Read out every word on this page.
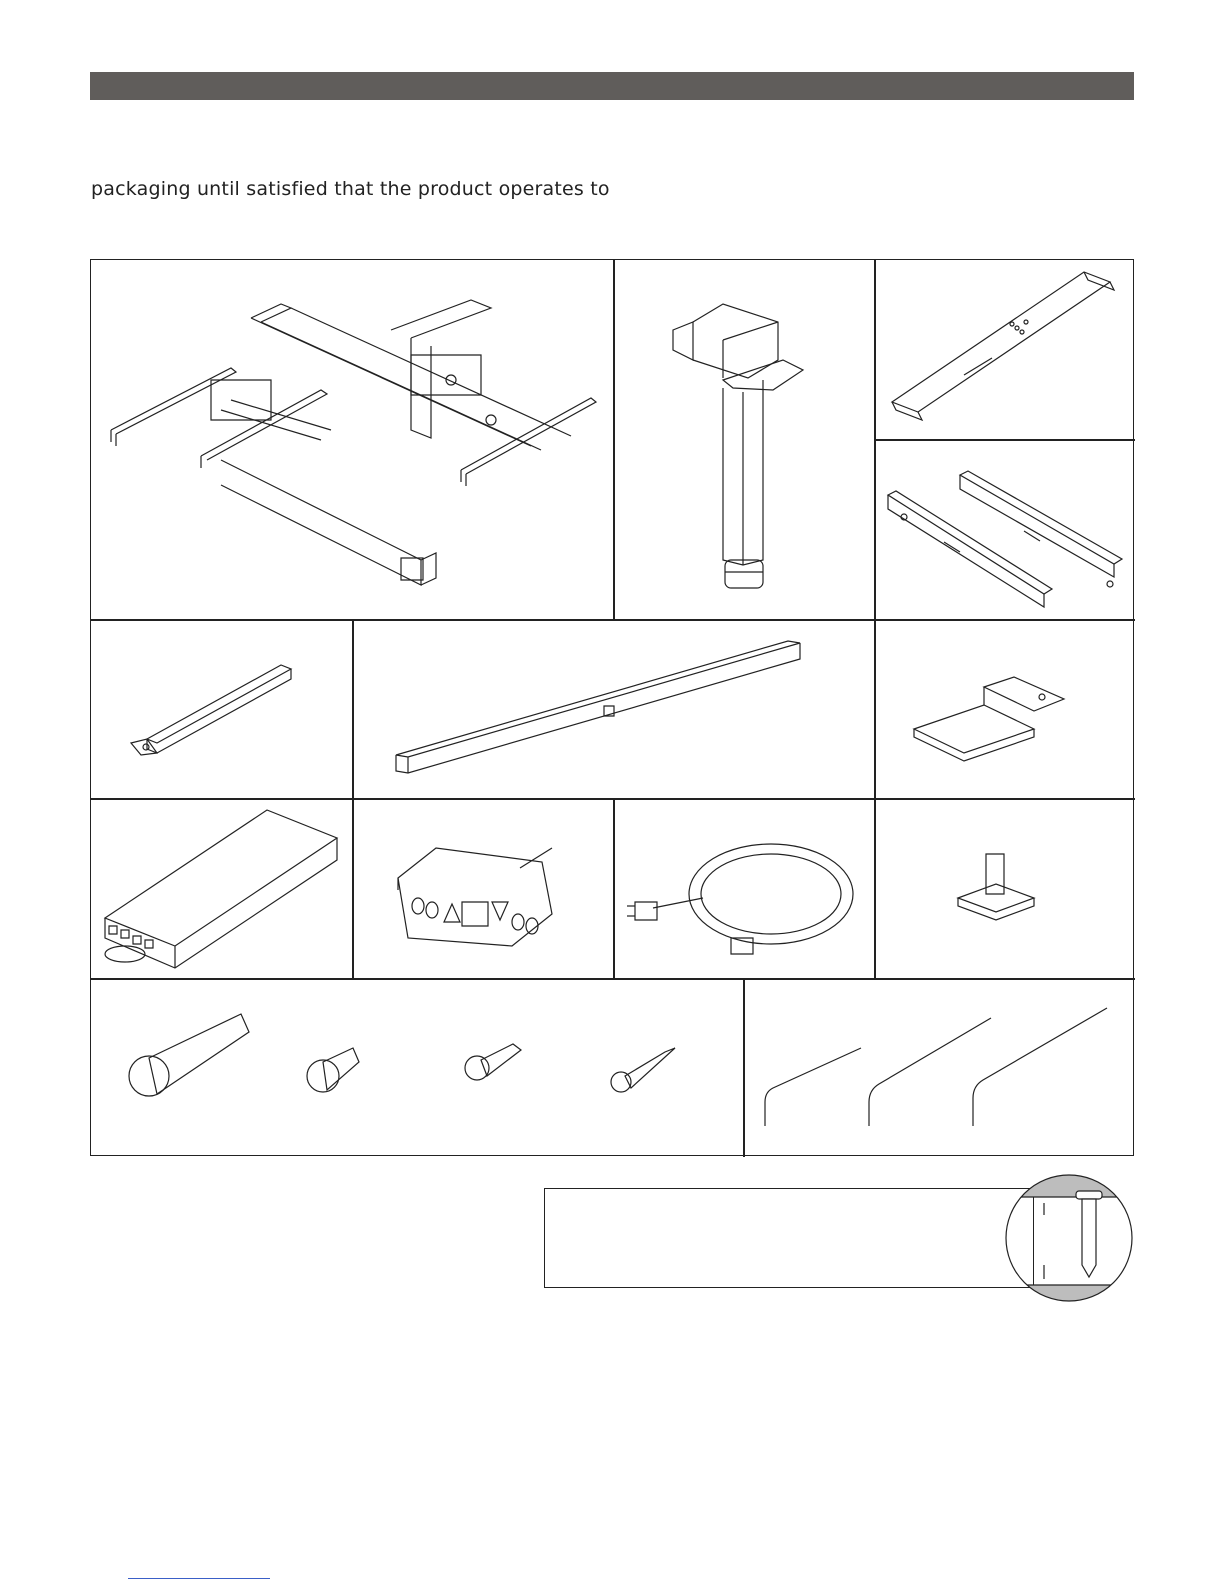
packaging until satisfied that the product operates to
